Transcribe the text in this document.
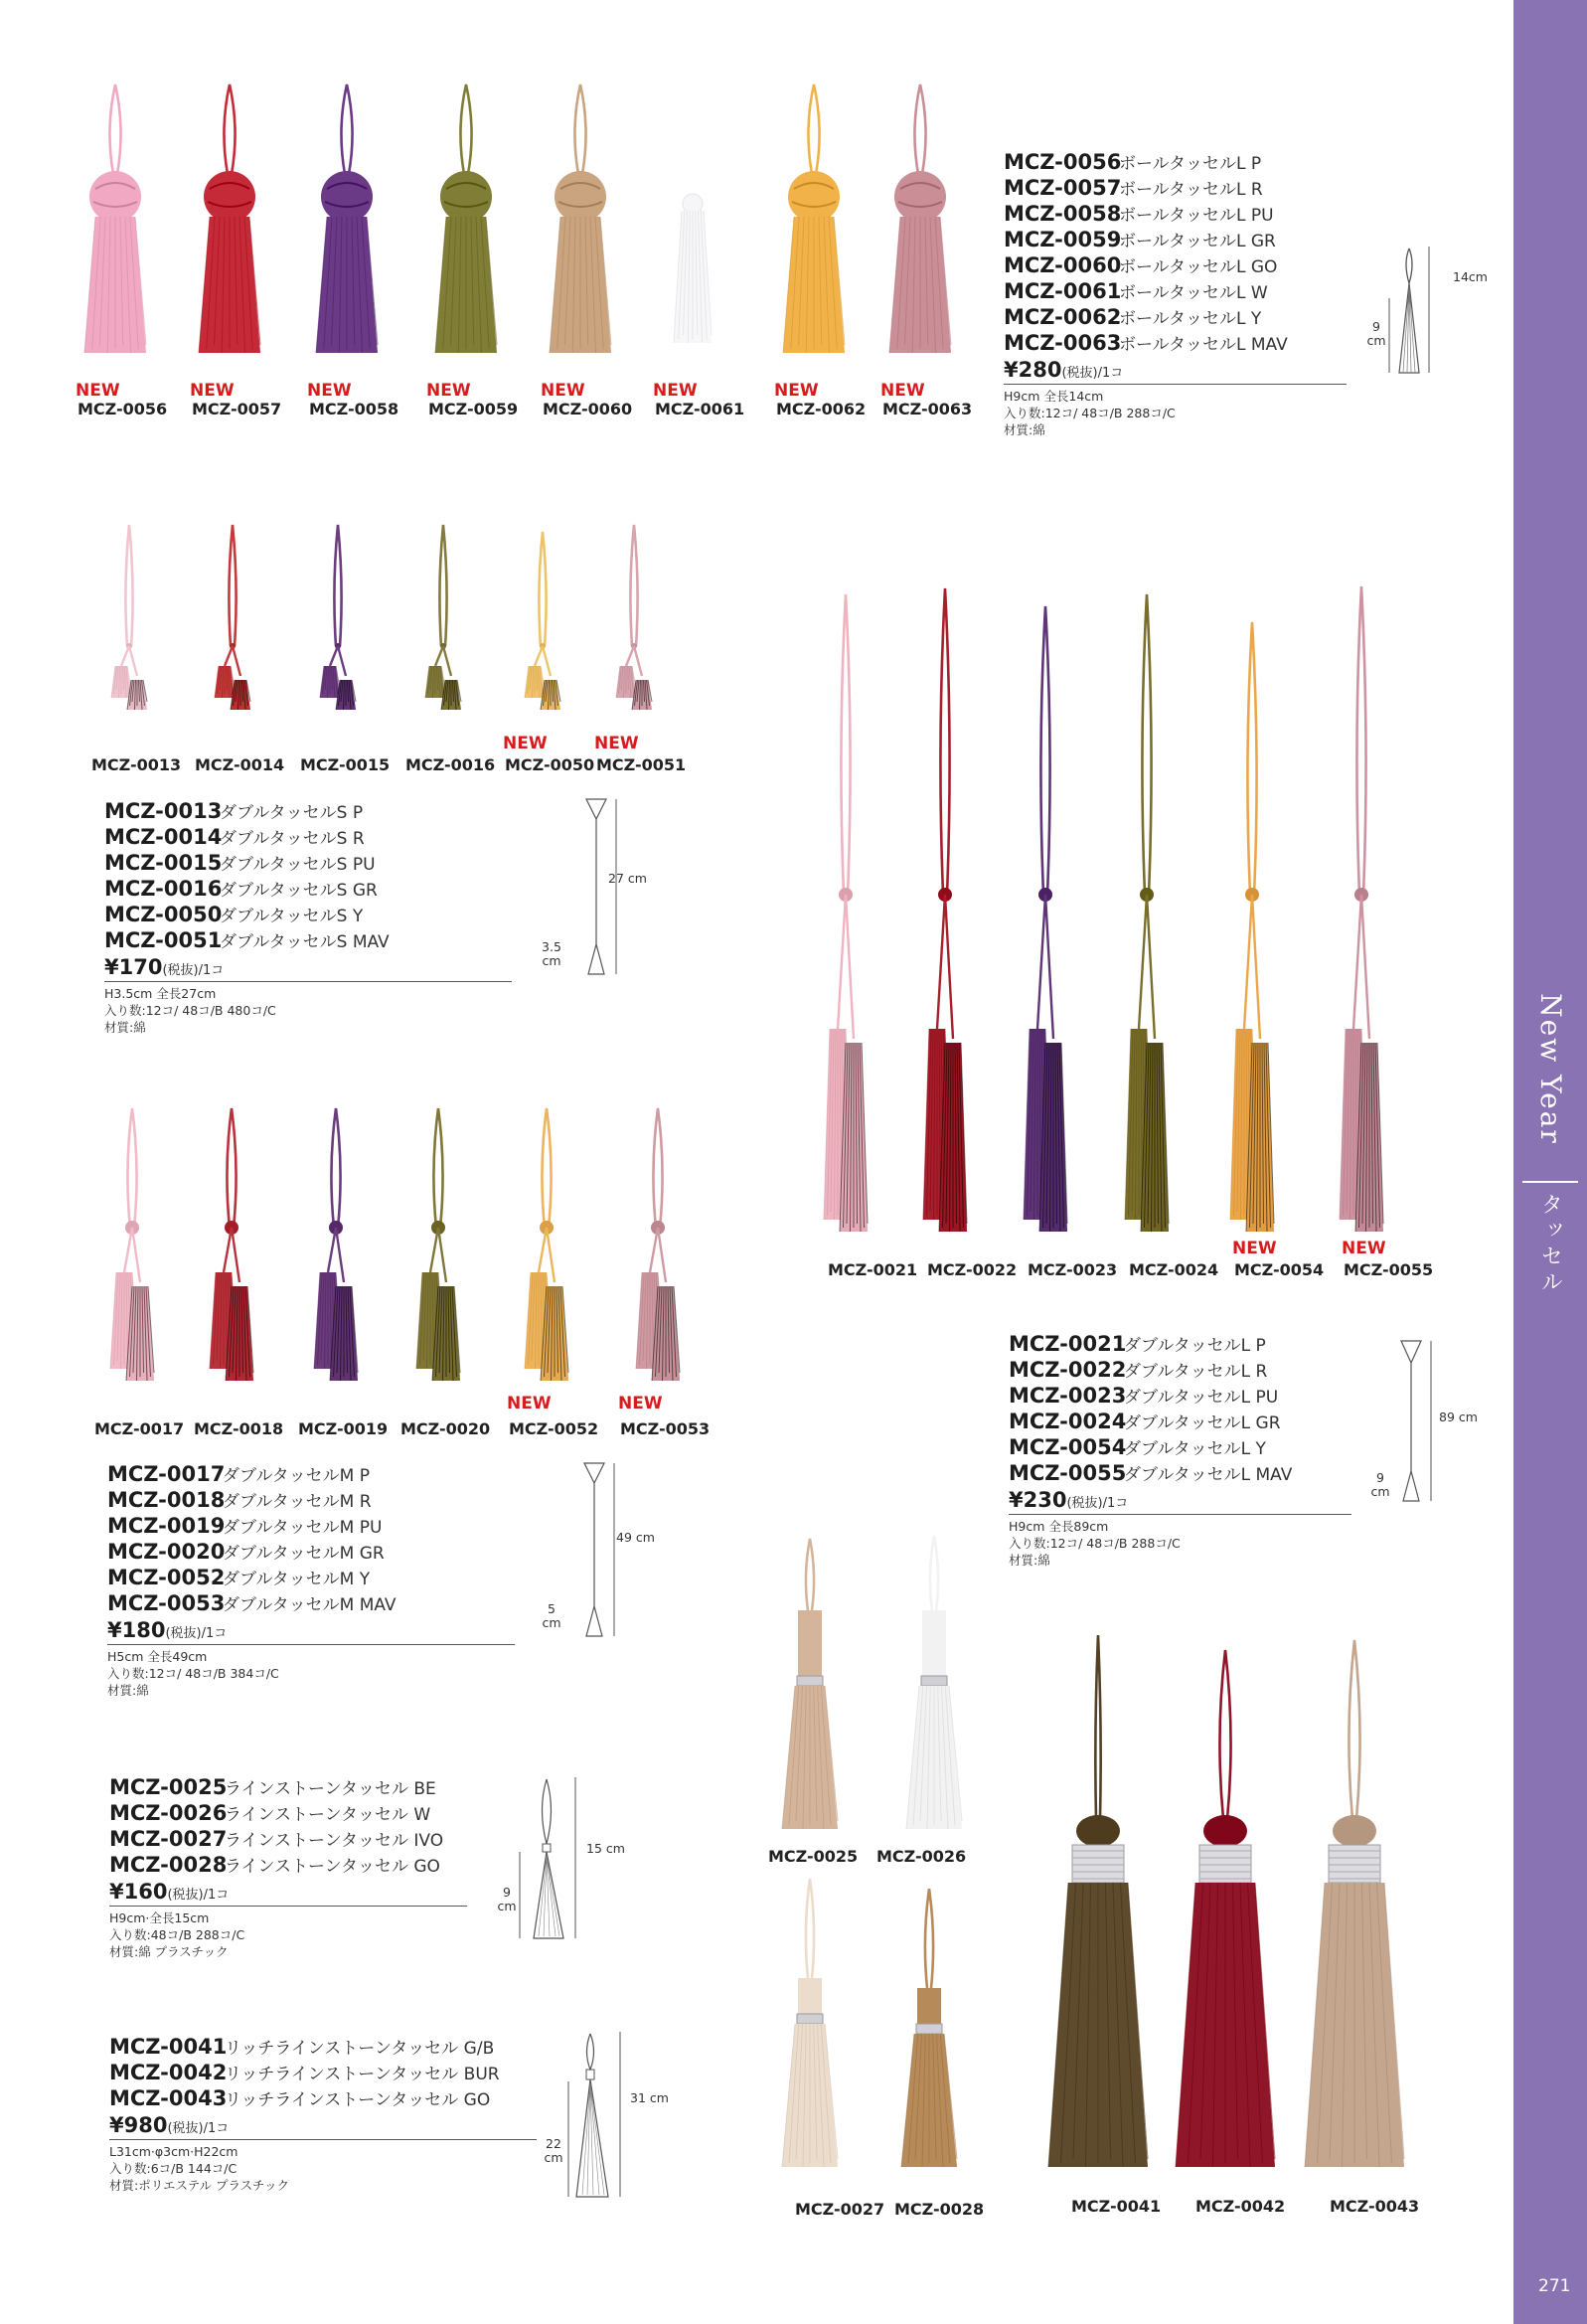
New Year
タッセル
271
MCZ-0056
NEW
MCZ-0057
NEW
MCZ-0058
NEW
MCZ-0059
NEW
MCZ-0060
NEW
MCZ-0061
NEW
MCZ-0062
NEW
MCZ-0063
NEW
MCZ-0056
ボールタッセルL P
MCZ-0057
ボールタッセルL R
MCZ-0058
ボールタッセルL PU
MCZ-0059
ボールタッセルL GR
MCZ-0060
ボールタッセルL GO
MCZ-0061
ボールタッセルL W
MCZ-0062
ボールタッセルL Y
MCZ-0063
ボールタッセルL MAV
¥280 (税抜) /1コ
H9cm 全長14cm
入り数:12コ/ 48コ/B 288コ/C
材質:綿
14cm
9 cm
MCZ-0013 MCZ-0014 MCZ-0015 MCZ-0016 MCZ-0050
NEW
MCZ-0051
NEW
MCZ-0013
ダブルタッセルS P
MCZ-0014
ダブルタッセルS R
MCZ-0015
ダブルタッセルS PU
MCZ-0016
ダブルタッセルS GR
MCZ-0050
ダブルタッセルS Y
MCZ-0051
ダブルタッセルS MAV
¥170 (税抜) /1コ
H3.5cm 全長27cm
入り数:12コ/ 48コ/B 480コ/C
材質:綿
27 cm
3.5 cm
MCZ-0017 MCZ-0018 MCZ-0019 MCZ-0020 MCZ-0052
NEW
MCZ-0053
NEW
MCZ-0017
ダブルタッセルM P
MCZ-0018
ダブルタッセルM R
MCZ-0019
ダブルタッセルM PU
MCZ-0020
ダブルタッセルM GR
MCZ-0052
ダブルタッセルM Y
MCZ-0053
ダブルタッセルM MAV
¥180 (税抜) /1コ
H5cm 全長49cm
入り数:12コ/ 48コ/B 384コ/C
材質:綿
49 cm
5 cm
MCZ-0021 MCZ-0022 MCZ-0023 MCZ-0024 MCZ-0054
NEW
MCZ-0055
NEW
MCZ-0021
ダブルタッセルL P
MCZ-0022
ダブルタッセルL R
MCZ-0023
ダブルタッセルL PU
MCZ-0024
ダブルタッセルL GR
MCZ-0054
ダブルタッセルL Y
MCZ-0055
ダブルタッセルL MAV
¥230 (税抜) /1コ
H9cm 全長89cm
入り数:12コ/ 48コ/B 288コ/C
材質:綿
89 cm
9 cm
MCZ-0025 MCZ-0026
MCZ-0027 MCZ-0028
MCZ-0025
ラインストーンタッセル BE
MCZ-0026
ラインストーンタッセル W
MCZ-0027
ラインストーンタッセル IVO
MCZ-0028
ラインストーンタッセル GO
¥160 (税抜) /1コ
H9cm·全長15cm
入り数:48コ/B 288コ/C
材質:綿 プラスチック
15 cm
9 cm
MCZ-0041 MCZ-0042	MCZ-0043
MCZ-0041
リッチラインストーンタッセル G/B
MCZ-0042
リッチラインストーンタッセル BUR
MCZ-0043
リッチラインストーンタッセル GO
¥980 (税抜) /1コ
L31cm·φ3cm·H22cm
入り数:6コ/B 144コ/C
材質:ポリエステル プラスチック
31 cm
22 cm
